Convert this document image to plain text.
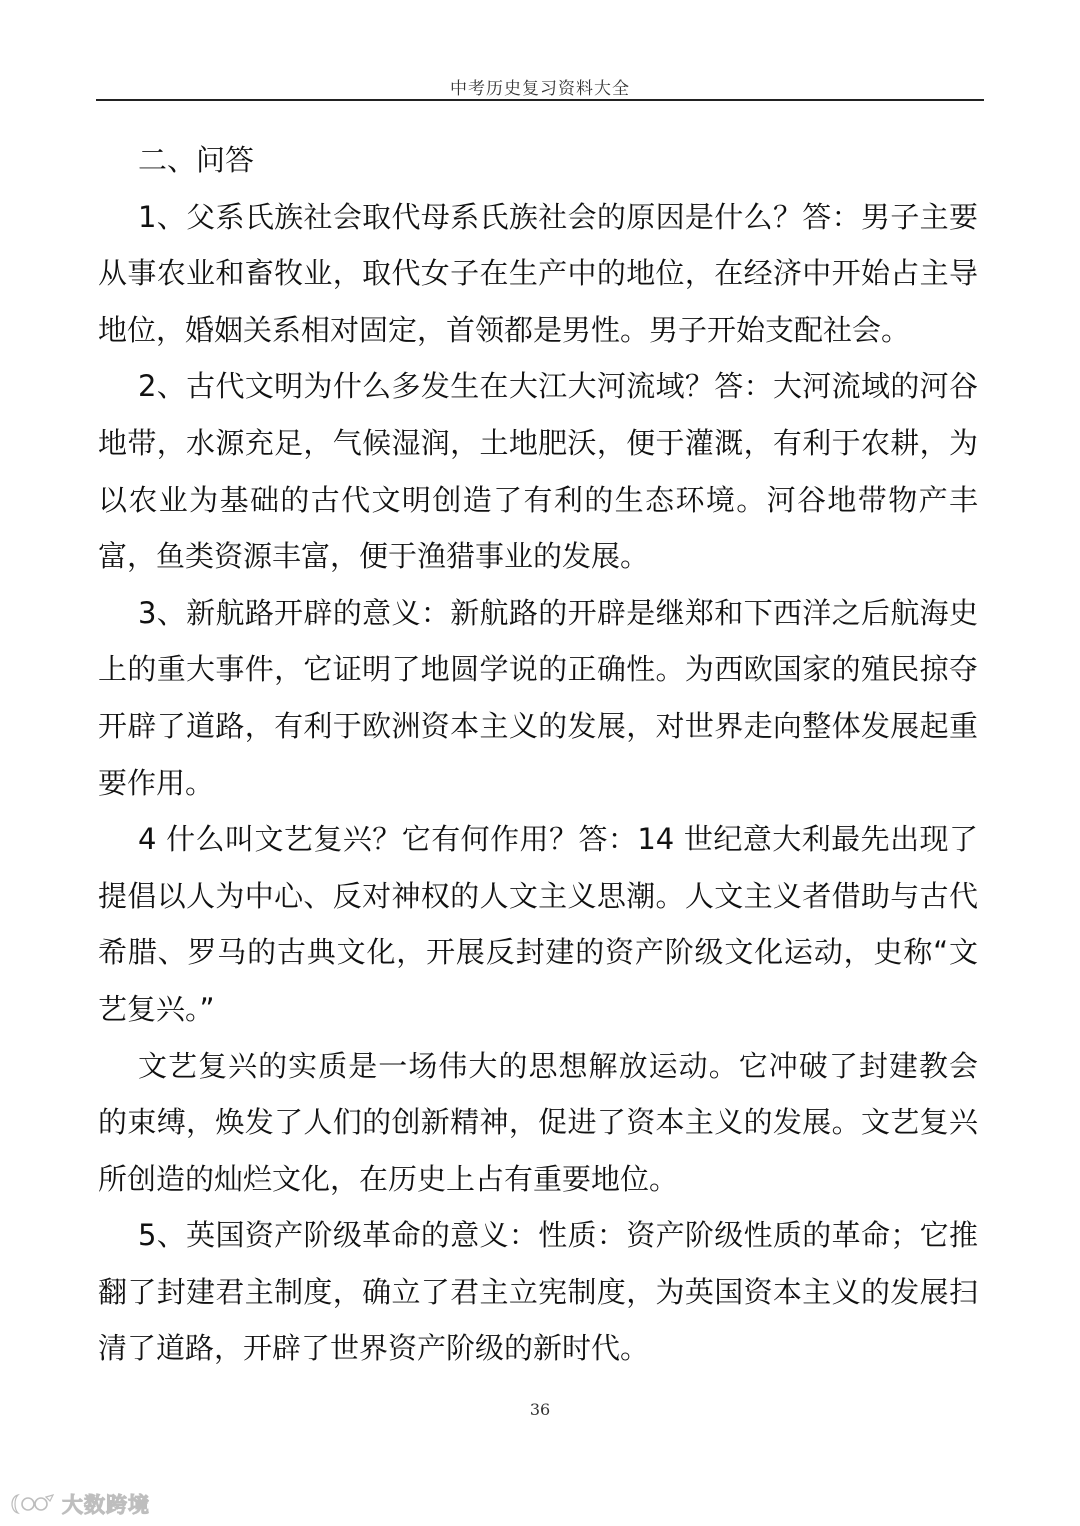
中考历史复习资料大全

二、问答

1、父系氏族社会取代母系氏族社会的原因是什么？答：男子主要从事农业和畜牧业，取代女子在生产中的地位，在经济中开始占主导地位，婚姻关系相对固定，首领都是男性。男子开始支配社会。

2、古代文明为什么多发生在大江大河流域？答：大河流域的河谷地带，水源充足，气候湿润，土地肥沃，便于灌溉，有利于农耕，为以农业为基础的古代文明创造了有利的生态环境。河谷地带物产丰富，鱼类资源丰富，便于渔猎事业的发展。

3、新航路开辟的意义：新航路的开辟是继郑和下西洋之后航海史上的重大事件，它证明了地圆学说的正确性。为西欧国家的殖民掠夺开辟了道路，有利于欧洲资本主义的发展，对世界走向整体发展起重要作用。

4 什么叫文艺复兴？它有何作用？答：14 世纪意大利最先出现了提倡以人为中心、反对神权的人文主义思潮。人文主义者借助与古代希腊、罗马的古典文化，开展反封建的资产阶级文化运动，史称“文艺复兴。”

文艺复兴的实质是一场伟大的思想解放运动。它冲破了封建教会的束缚，焕发了人们的创新精神，促进了资本主义的发展。文艺复兴所创造的灿烂文化，在历史上占有重要地位。

5、英国资产阶级革命的意义：性质：资产阶级性质的革命；它推翻了封建君主制度，确立了君主立宪制度，为英国资本主义的发展扫清了道路，开辟了世界资产阶级的新时代。

36
大数跨境
